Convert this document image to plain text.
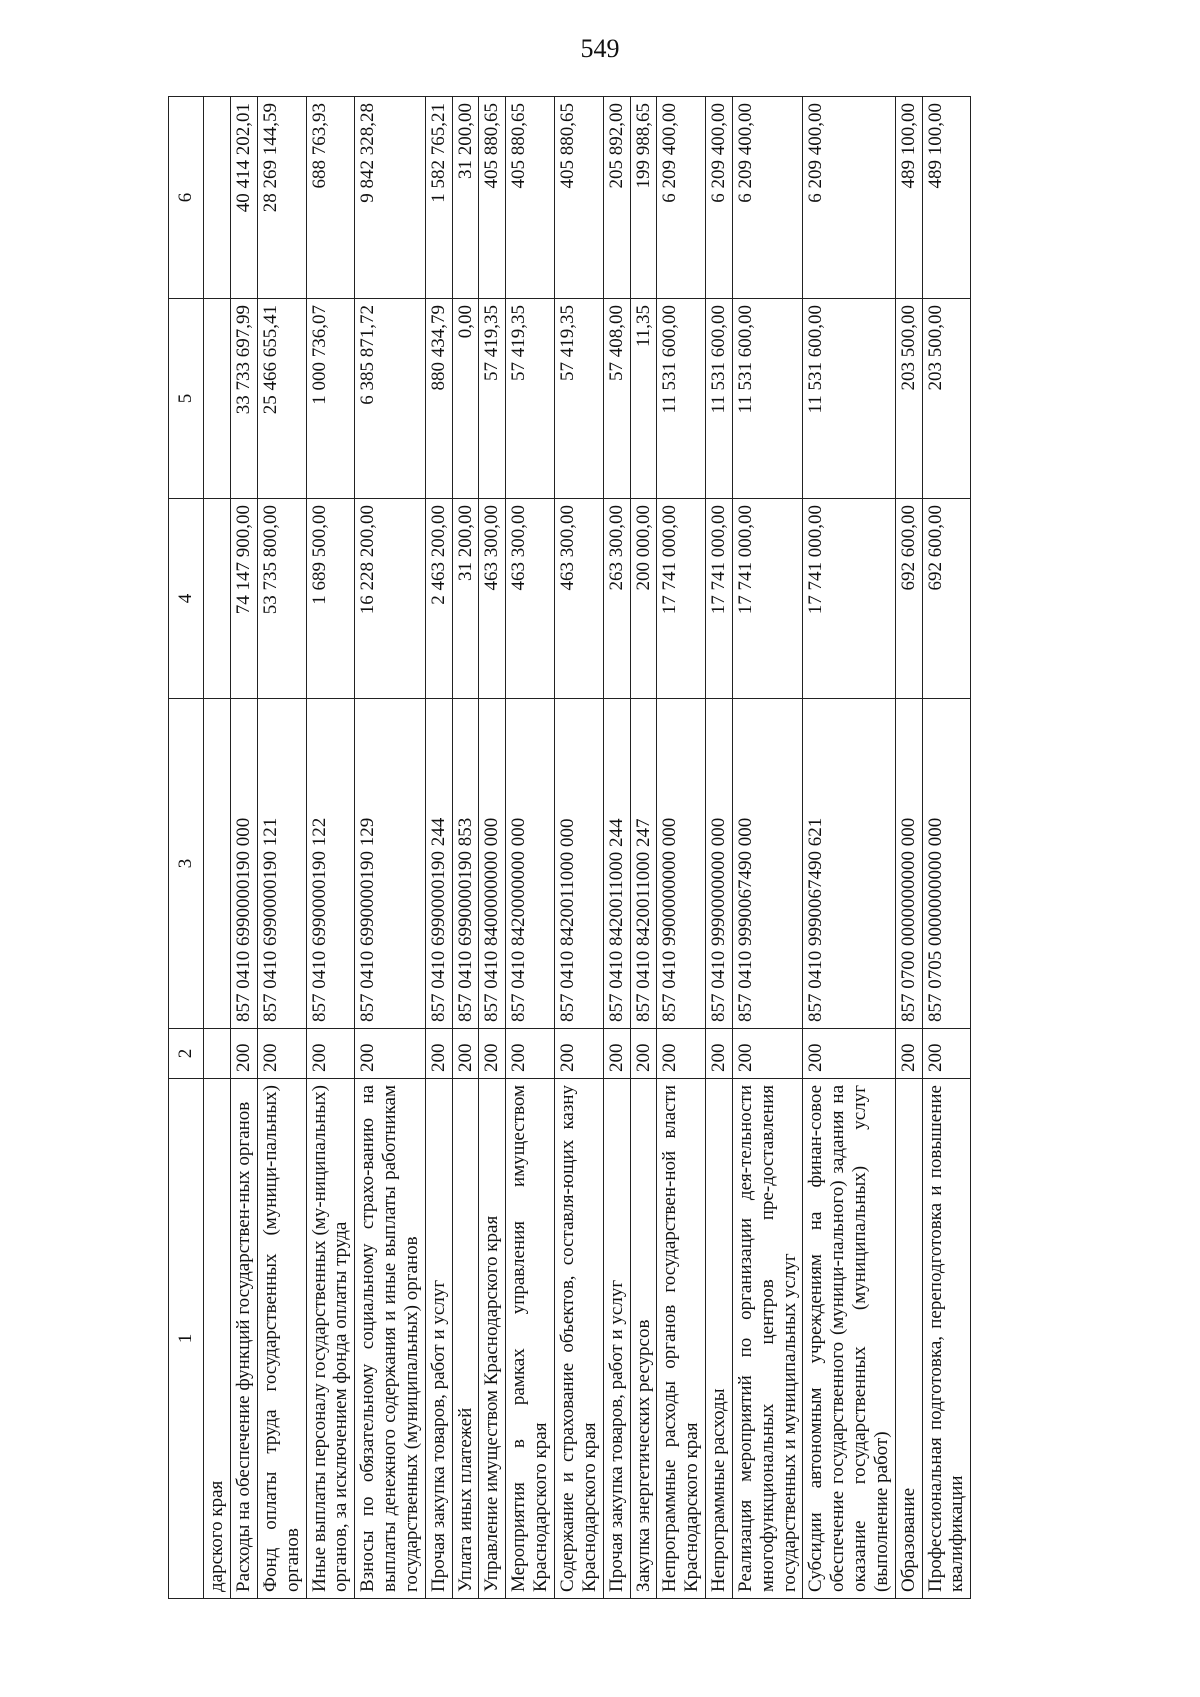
549
1	2	3	4	5	6
дарского края					
Расходы на обеспечение функций государствен-ных органов	200	857 0410 6990000190 000	74 147 900,00	33 733 697,99	40 414 202,01
Фонд оплаты труда государственных (муници-пальных) органов	200	857 0410 6990000190 121	53 735 800,00	25 466 655,41	28 269 144,59
Иные выплаты персоналу государственных (му-ниципальных) органов, за исключением фонда оплаты труда	200	857 0410 6990000190 122	1 689 500,00	1 000 736,07	688 763,93
Взносы по обязательному социальному страхо-ванию на выплаты денежного содержания и иные выплаты работникам государственных (муниципальных) органов	200	857 0410 6990000190 129	16 228 200,00	6 385 871,72	9 842 328,28
Прочая закупка товаров, работ и услуг	200	857 0410 6990000190 244	2 463 200,00	880 434,79	1 582 765,21
Уплата иных платежей	200	857 0410 6990000190 853	31 200,00	0,00	31 200,00
Управление имуществом Краснодарского края	200	857 0410 8400000000 000	463 300,00	57 419,35	405 880,65
Мероприятия в рамках управления имуществом Краснодарского края	200	857 0410 8420000000 000	463 300,00	57 419,35	405 880,65
Содержание и страхование объектов, составля-ющих казну Краснодарского края	200	857 0410 8420011000 000	463 300,00	57 419,35	405 880,65
Прочая закупка товаров, работ и услуг	200	857 0410 8420011000 244	263 300,00	57 408,00	205 892,00
Закупка энергетических ресурсов	200	857 0410 8420011000 247	200 000,00	11,35	199 988,65
Непрограммные расходы органов государствен-ной власти Краснодарского края	200	857 0410 9900000000 000	17 741 000,00	11 531 600,00	6 209 400,00
Непрограммные расходы	200	857 0410 9990000000 000	17 741 000,00	11 531 600,00	6 209 400,00
Реализация мероприятий по организации дея-тельности многофункциональных центров пре-доставления государственных и муниципальных услуг	200	857 0410 9990067490 000	17 741 000,00	11 531 600,00	6 209 400,00
Субсидии автономным учреждениям на финан-совое обеспечение государственного (муници-пального) задания на оказание государственных (муниципальных) услуг (выполнение работ)	200	857 0410 9990067490 621	17 741 000,00	11 531 600,00	6 209 400,00
Образование	200	857 0700 0000000000 000	692 600,00	203 500,00	489 100,00
Профессиональная подготовка, переподготовка и повышение квалификации	200	857 0705 0000000000 000	692 600,00	203 500,00	489 100,00
